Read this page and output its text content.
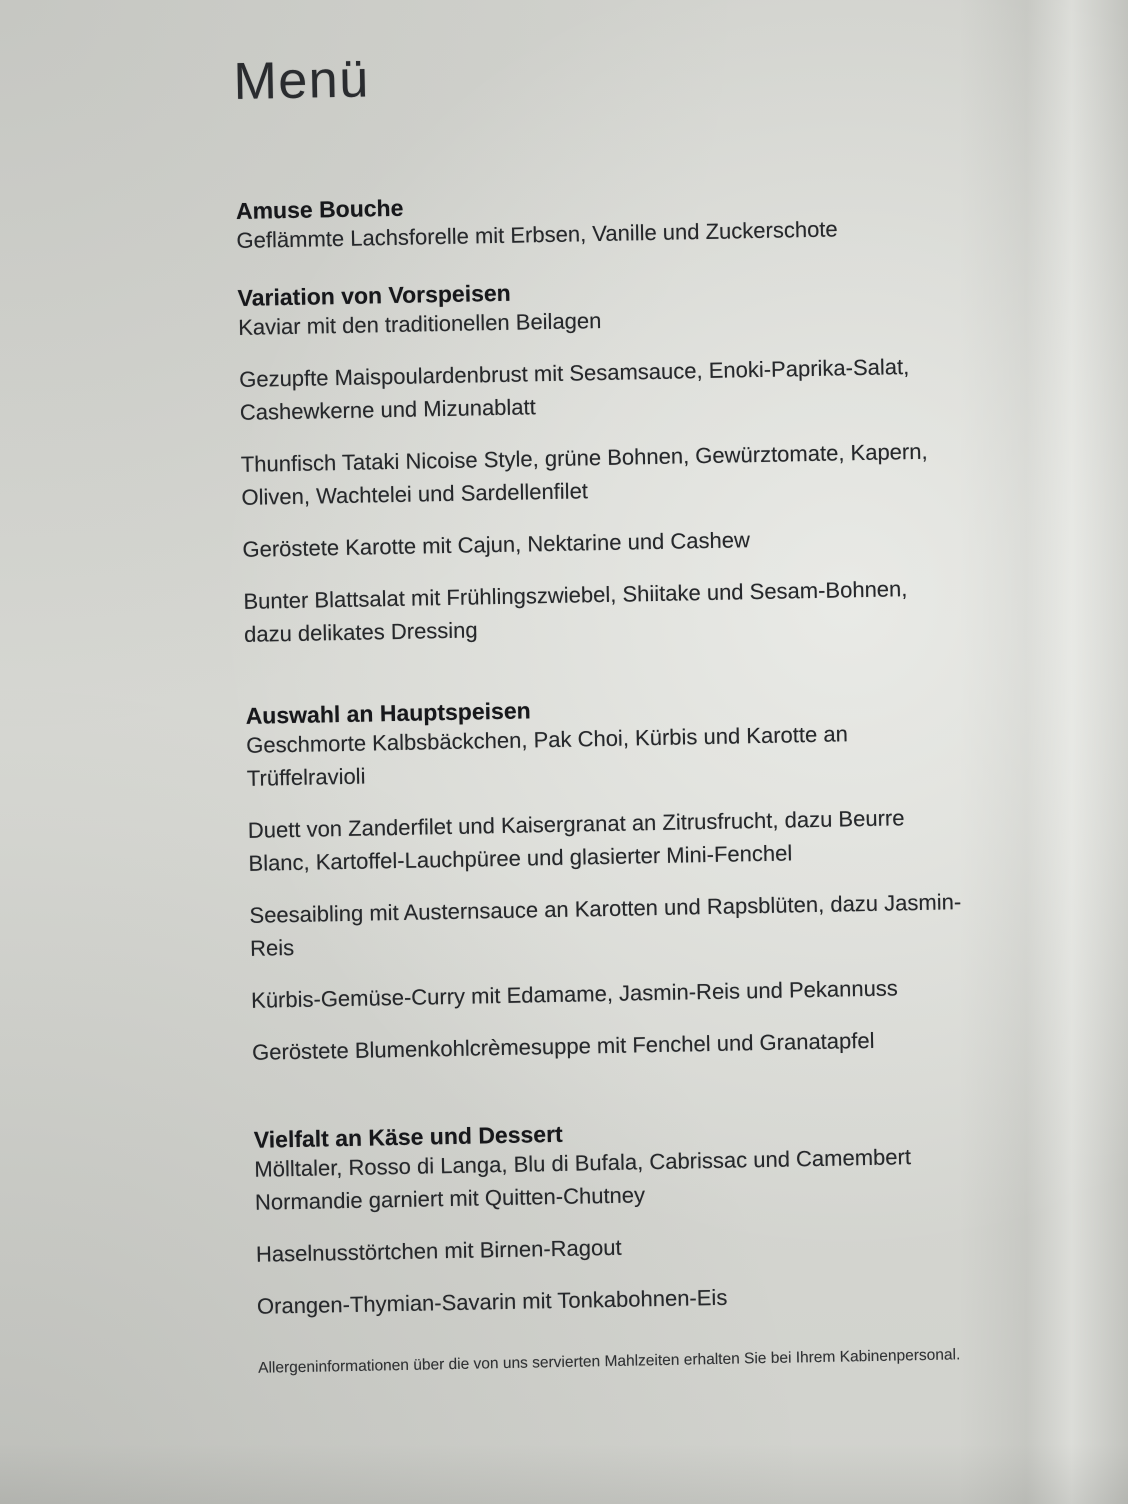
Menü
Amuse Bouche

Geflämmte Lachsforelle mit Erbsen, Vanille und Zuckerschote

Variation von Vorspeisen

Kaviar mit den traditionellen Beilagen

Gezupfte Maispoulardenbrust mit Sesamsauce, Enoki-Paprika-Salat,
Cashewkerne und Mizunablatt

Thunfisch Tataki Nicoise Style, grüne Bohnen, Gewürztomate, Kapern,
Oliven, Wachtelei und Sardellenfilet

Geröstete Karotte mit Cajun, Nektarine und Cashew

Bunter Blattsalat mit Frühlingszwiebel, Shiitake und Sesam-Bohnen,
dazu delikates Dressing

Auswahl an Hauptspeisen

Geschmorte Kalbsbäckchen, Pak Choi, Kürbis und Karotte an
Trüffelravioli

Duett von Zanderfilet und Kaisergranat an Zitrusfrucht, dazu Beurre
Blanc, Kartoffel-Lauchpüree und glasierter Mini-Fenchel

Seesaibling mit Austernsauce an Karotten und Rapsblüten, dazu Jasmin-
Reis

Kürbis-Gemüse-Curry mit Edamame, Jasmin-Reis und Pekannuss

Geröstete Blumenkohlcrèmesuppe mit Fenchel und Granatapfel

Vielfalt an Käse und Dessert

Mölltaler, Rosso di Langa, Blu di Bufala, Cabrissac und Camembert
Normandie garniert mit Quitten-Chutney

Haselnusstörtchen mit Birnen-Ragout

Orangen-Thymian-Savarin mit Tonkabohnen-Eis

Allergeninformationen über die von uns servierten Mahlzeiten erhalten Sie bei Ihrem Kabinenpersonal.
